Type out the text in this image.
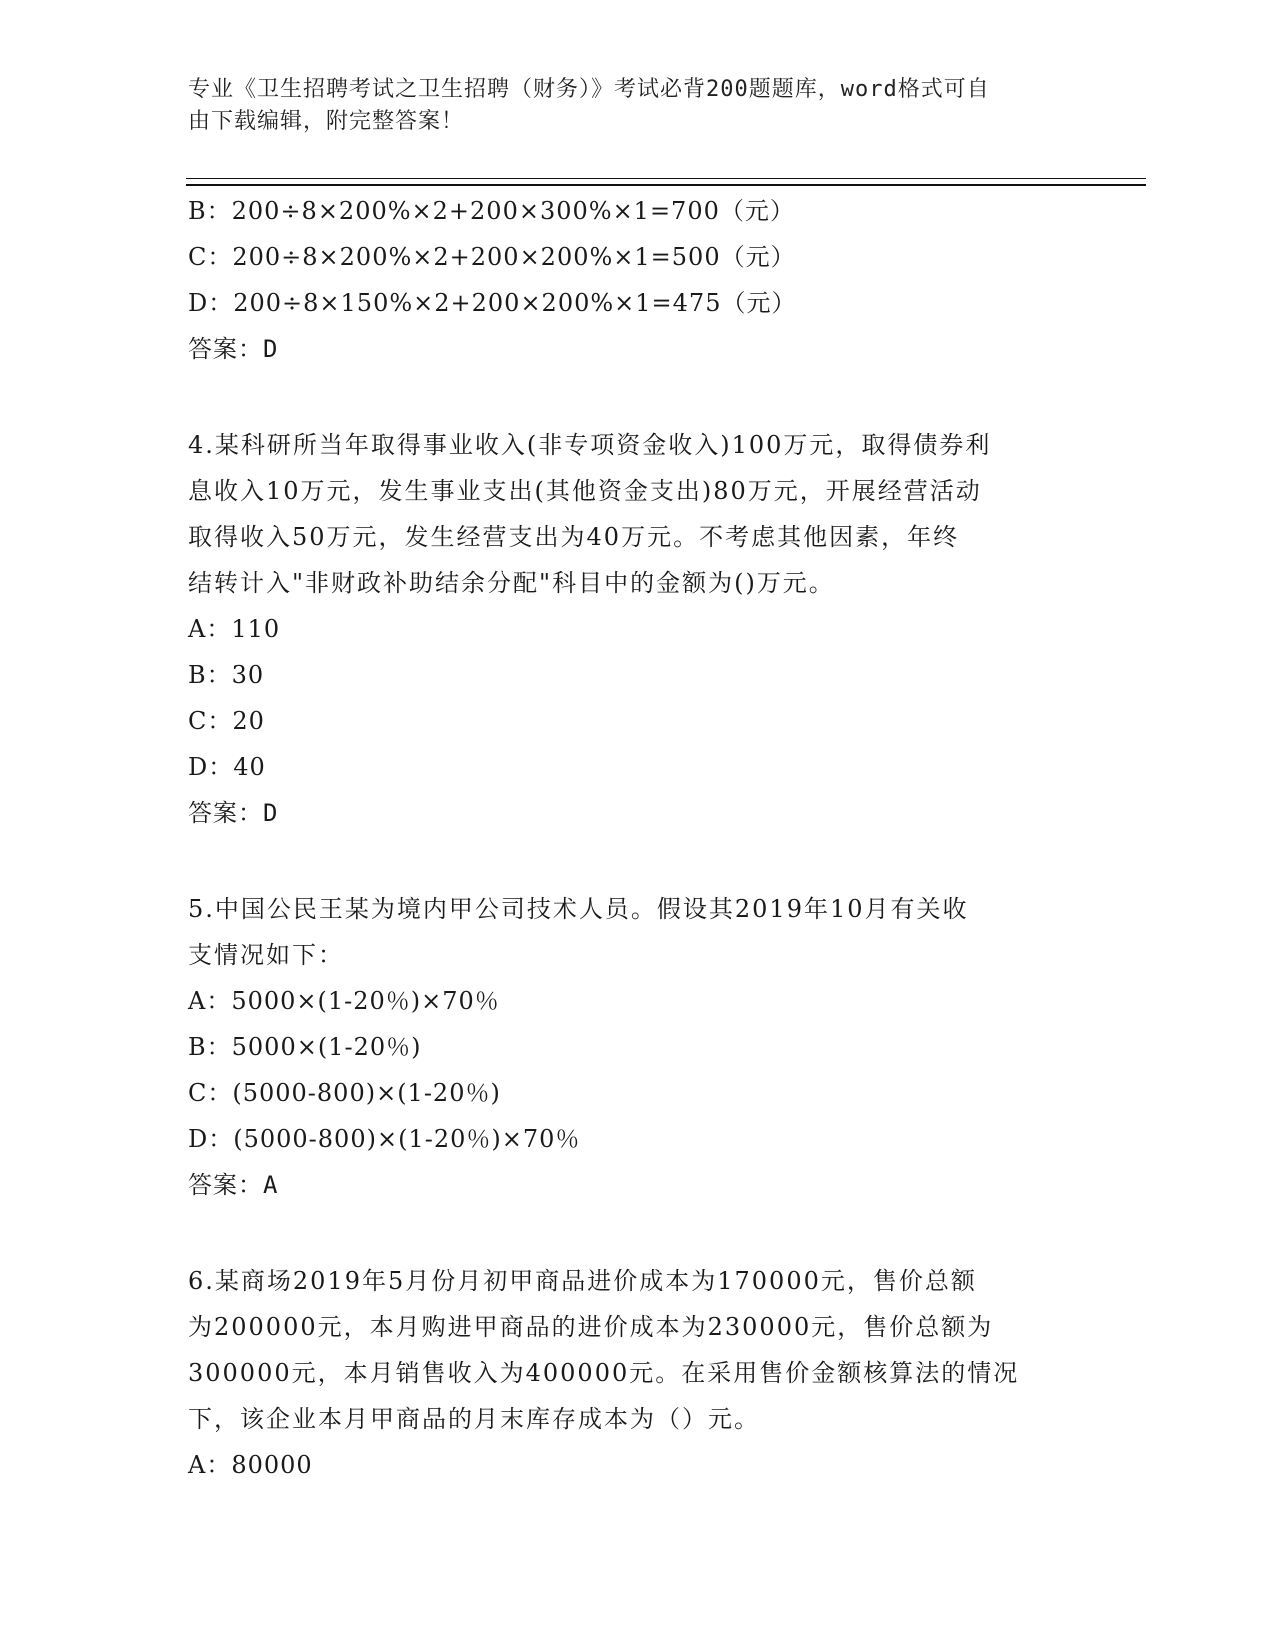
专业《卫生招聘考试之卫生招聘（财务）》考试必背200题题库，word格式可自
由下载编辑，附完整答案！
B：200÷8×200%×2+200×300%×1=700（元）
C：200÷8×200%×2+200×200%×1=500（元）
D：200÷8×150%×2+200×200%×1=475（元）
答案：D
4.某科研所当年取得事业收入(非专项资金收入)100万元，取得债券利
息收入10万元，发生事业支出(其他资金支出)80万元，开展经营活动
取得收入50万元，发生经营支出为40万元。不考虑其他因素，年终
结转计入"非财政补助结余分配"科目中的金额为()万元。
A：110
B：30
C：20
D：40
答案：D
5.中国公民王某为境内甲公司技术人员。假设其2019年10月有关收
支情况如下：
A：5000×(1-20％)×70％
B：5000×(1-20％)
C：(5000-800)×(1-20％)
D：(5000-800)×(1-20％)×70％
答案：A
6.某商场2019年5月份月初甲商品进价成本为170000元，售价总额
为200000元，本月购进甲商品的进价成本为230000元，售价总额为
300000元，本月销售收入为400000元。在采用售价金额核算法的情况
下，该企业本月甲商品的月末库存成本为（）元。
A：80000
